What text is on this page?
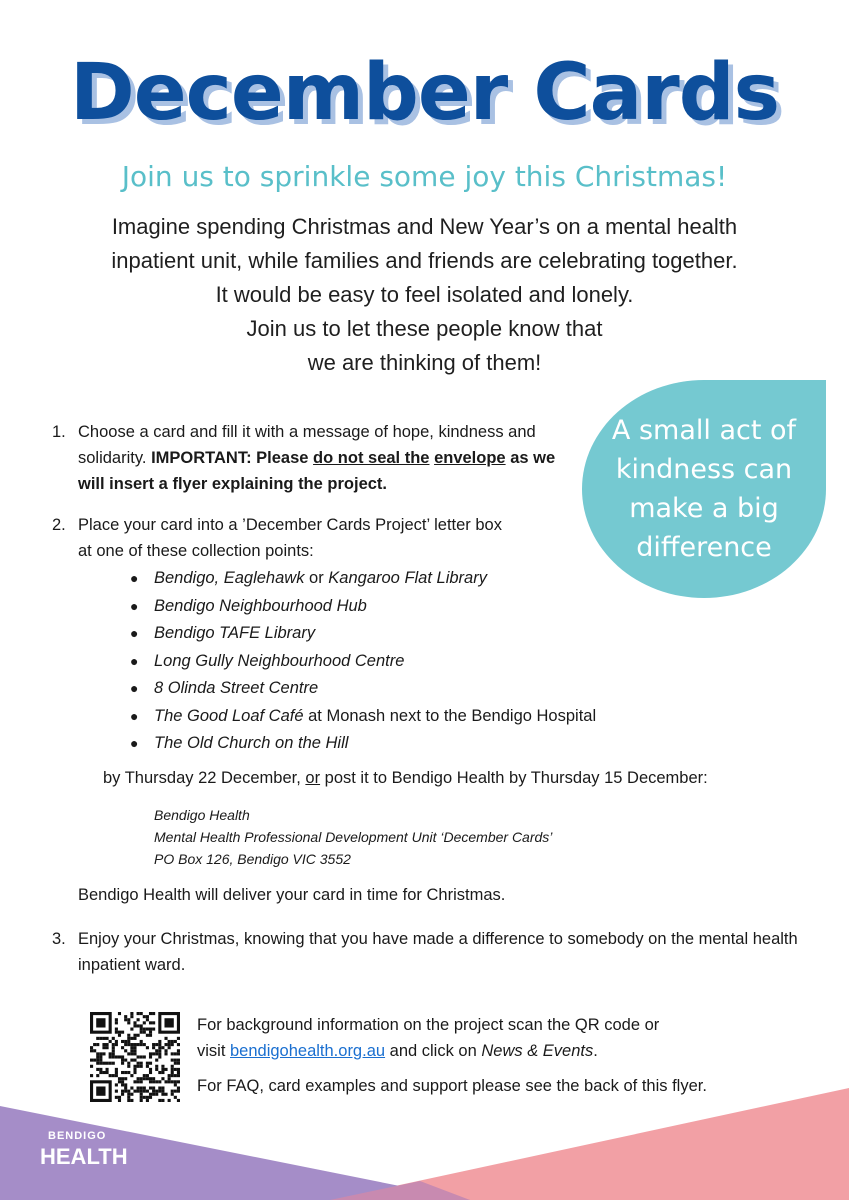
December Cards
Join us to sprinkle some joy this Christmas!
Imagine spending Christmas and New Year’s on a mental health
inpatient unit, while families and friends are celebrating together.
It would be easy to feel isolated and lonely.
Join us to let these people know that
we are thinking of them!
A small act of
kindness can
make a big
difference
1. Choose a card and fill it with a message of hope, kindness and solidarity. IMPORTANT: Please do not seal the envelope as we will insert a flyer explaining the project.
2. Place your card into a ’December Cards Project’ letter box
at one of these collection points:
● Bendigo, Eaglehawk or Kangaroo Flat Library
● Bendigo Neighbourhood Hub
● Bendigo TAFE Library
● Long Gully Neighbourhood Centre
● 8 Olinda Street Centre
● The Good Loaf Café at Monash next to the Bendigo Hospital
● The Old Church on the Hill
by Thursday 22 December, or post it to Bendigo Health by Thursday 15 December:
Bendigo Health
Mental Health Professional Development Unit ‘December Cards’
PO Box 126, Bendigo VIC 3552
Bendigo Health will deliver your card in time for Christmas.
3. Enjoy your Christmas, knowing that you have made a difference to somebody on the mental health inpatient ward.
For background information on the project scan the QR code or
visit bendigohealth.org.au and click on News & Events.
For FAQ, card examples and support please see the back of this flyer.
BENDIGO
HEALTH
